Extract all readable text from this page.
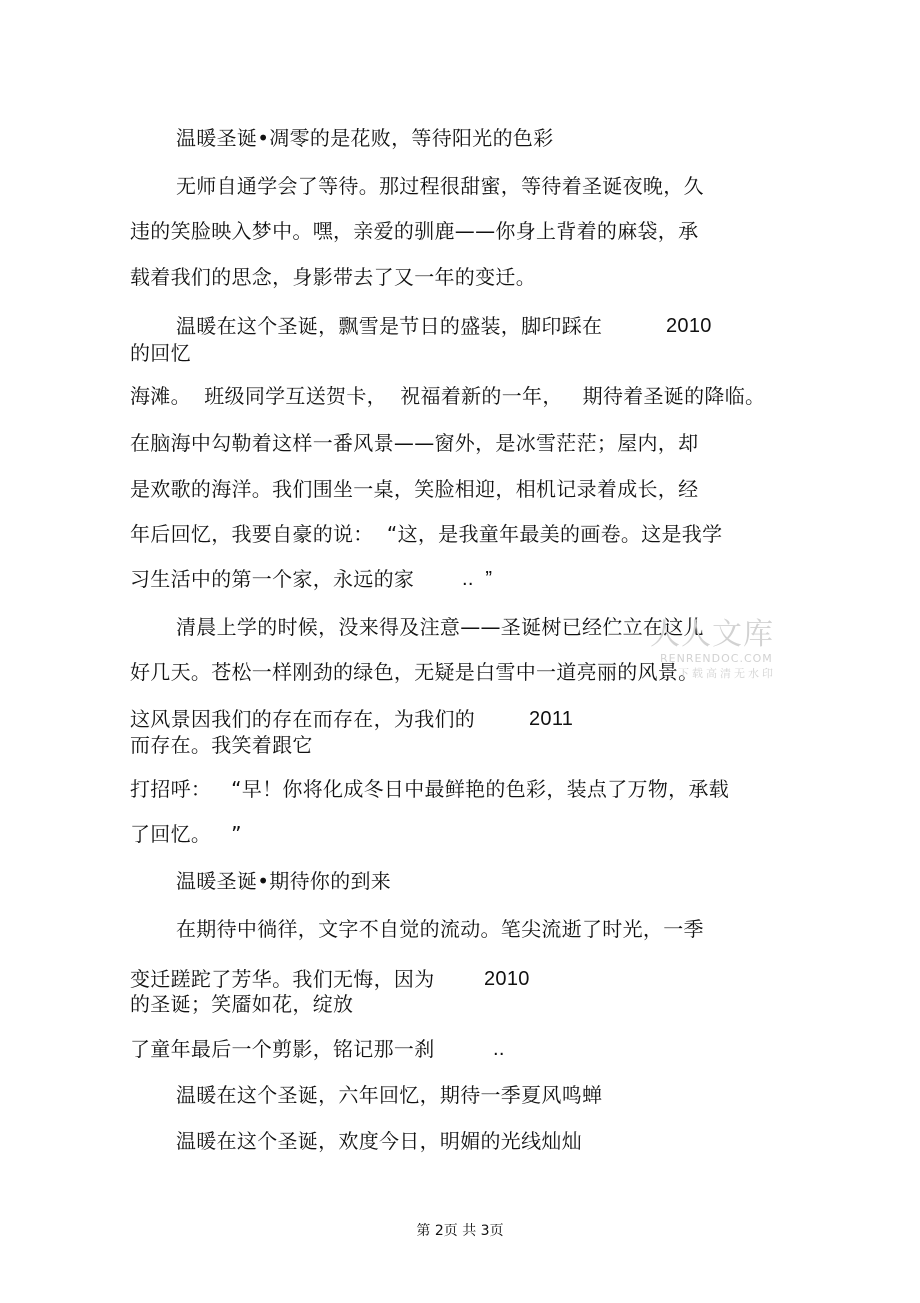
温暖圣诞•凋零的是花败，等待阳光的色彩
无师自通学会了等待。那过程很甜蜜，等待着圣诞夜晚，久
违的笑脸映入梦中。嘿，亲爱的驯鹿——你身上背着的麻袋，承
载着我们的思念，身影带去了又一年的变迁。
温暖在这个圣诞，飘雪是节日的盛装，脚印踩在	2010
的回忆
海滩。  班级同学互送贺卡，  祝福着新的一年，   期待着圣诞的降临。
在脑海中勾勒着这样一番风景——窗外，是冰雪茫茫；屋内，却
是欢歌的海洋。我们围坐一桌，笑脸相迎，相机记录着成长，经
年后回忆，我要自豪的说：  “这，是我童年最美的画卷。这是我学
习生活中的第一个家，永远的家 ..  ”
清晨上学的时候，没来得及注意——圣诞树已经伫立在这儿
好几天。苍松一样刚劲的绿色，无疑是白雪中一道亮丽的风景。
这风景因我们的存在而存在，为我们的	2011
而存在。我笑着跟它
打招呼：   “早！你将化成冬日中最鲜艳的色彩，装点了万物，承载
了回忆。   ”
温暖圣诞•期待你的到来
在期待中徜徉，文字不自觉的流动。笔尖流逝了时光，一季
变迁蹉跎了芳华。我们无悔，因为 2010
的圣诞；笑靥如花，绽放
了童年最后一个剪影，铭记那一刹	..
温暖在这个圣诞，六年回忆，期待一季夏风鸣蝉
温暖在这个圣诞，欢度今日，明媚的光线灿灿
人人文库
RENRENDOC.COM
下载高清无水印
第 2页 共 3页
